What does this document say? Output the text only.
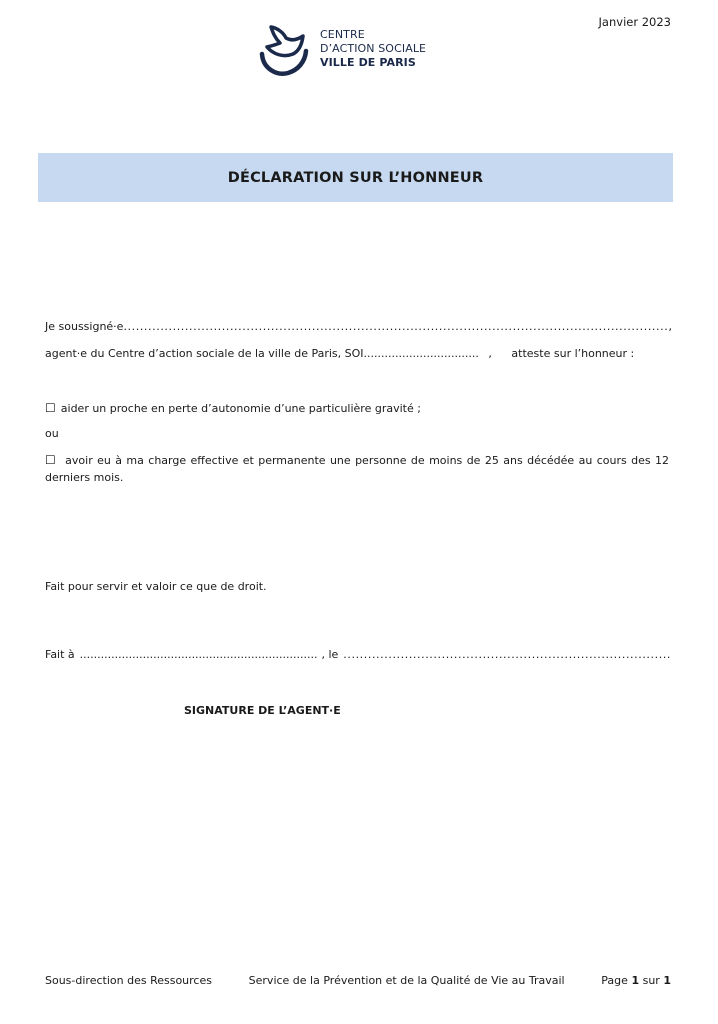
Janvier 2023
CENTRE
D’ACTION SOCIALE
VILLE DE PARIS
DÉCLARATION SUR L’HONNEUR
Je soussigné·e
.....	,
agent·e du Centre d’action sociale de la ville de Paris, SOI................................. , atteste sur l’honneur :
☐ aider un proche en perte d’autonomie d’une particulière gravité ;
ou
☐ avoir eu à ma charge effective et permanente une personne de moins de 25 ans décédée au cours des 12 derniers mois.
Fait pour servir et valoir ce que de droit.
Fait à .................................................................... , le
.....
SIGNATURE DE L’AGENT·E
Sous-direction des Ressources	Service de la Prévention et de la Qualité de Vie au Travail	Page 1 sur 1
